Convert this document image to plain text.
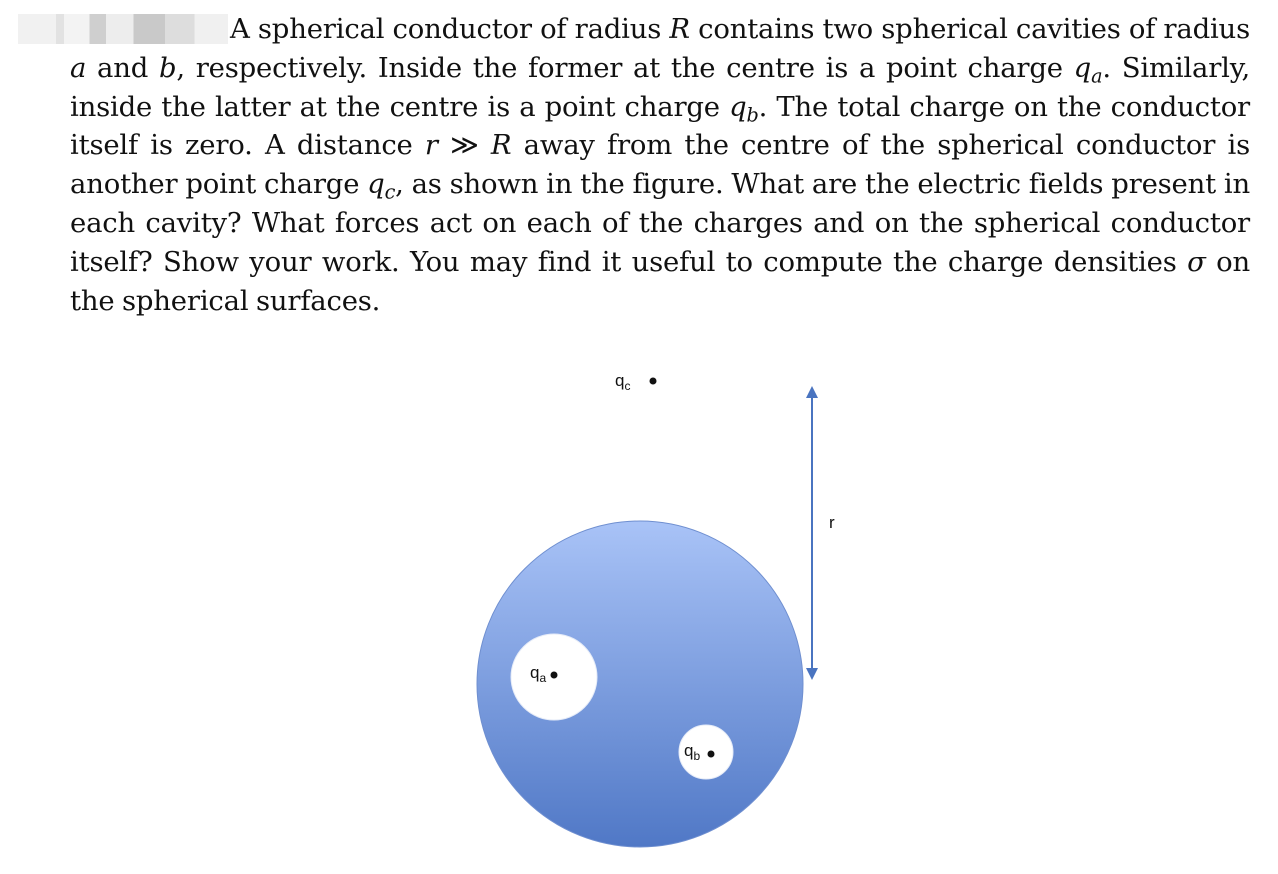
A spherical conductor of radius R contains two spherical cavities of radius a and b, respectively. Inside the former at the centre is a point charge $q_a$. Similarly, inside the latter at the centre is a point charge $q_b$. The total charge on the conductor itself is zero. A distance r ≫ R away from the centre of the spherical conductor is another point charge $q_c$, as shown in the figure. What are the electric fields present in each cavity? What forces act on each of the charges and on the spherical conductor itself? Show your work. You may find it useful to compute the charge densities σ on the spherical surfaces.

r
$q_c$
$q_a$
$q_b$
